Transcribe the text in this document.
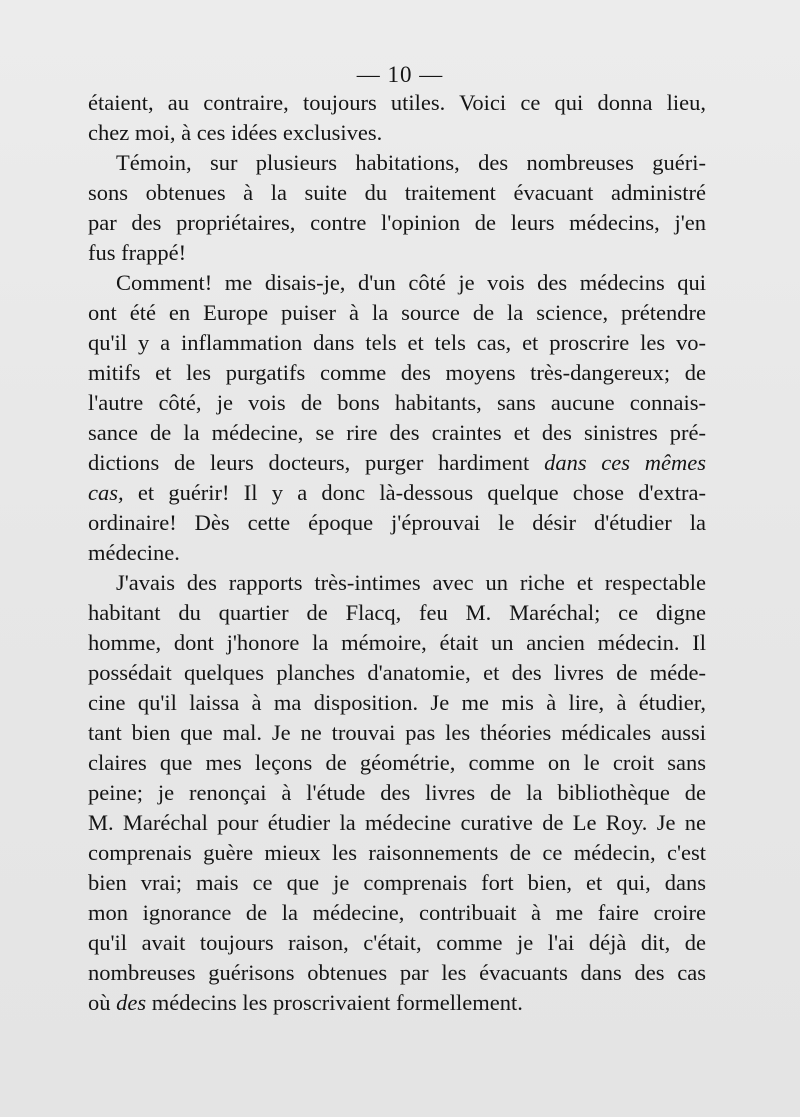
— 10 —
étaient, au contraire, toujours utiles. Voici ce qui donna lieu,
chez moi, à ces idées exclusives.
Témoin, sur plusieurs habitations, des nombreuses guéri-
sons obtenues à la suite du traitement évacuant administré
par des propriétaires, contre l'opinion de leurs médecins, j'en
fus frappé!
Comment! me disais-je, d'un côté je vois des médecins qui
ont été en Europe puiser à la source de la science, prétendre
qu'il y a inflammation dans tels et tels cas, et proscrire les vo-
mitifs et les purgatifs comme des moyens très-dangereux; de
l'autre côté, je vois de bons habitants, sans aucune connais-
sance de la médecine, se rire des craintes et des sinistres pré-
dictions de leurs docteurs, purger hardiment dans ces mêmes
cas, et guérir! Il y a donc là-dessous quelque chose d'extra-
ordinaire! Dès cette époque j'éprouvai le désir d'étudier la
médecine.
J'avais des rapports très-intimes avec un riche et respectable
habitant du quartier de Flacq, feu M. Maréchal; ce digne
homme, dont j'honore la mémoire, était un ancien médecin. Il
possédait quelques planches d'anatomie, et des livres de méde-
cine qu'il laissa à ma disposition. Je me mis à lire, à étudier,
tant bien que mal. Je ne trouvai pas les théories médicales aussi
claires que mes leçons de géométrie, comme on le croit sans
peine; je renonçai à l'étude des livres de la bibliothèque de
M. Maréchal pour étudier la médecine curative de Le Roy. Je ne
comprenais guère mieux les raisonnements de ce médecin, c'est
bien vrai; mais ce que je comprenais fort bien, et qui, dans
mon ignorance de la médecine, contribuait à me faire croire
qu'il avait toujours raison, c'était, comme je l'ai déjà dit, de
nombreuses guérisons obtenues par les évacuants dans des cas
où des médecins les proscrivaient formellement.
